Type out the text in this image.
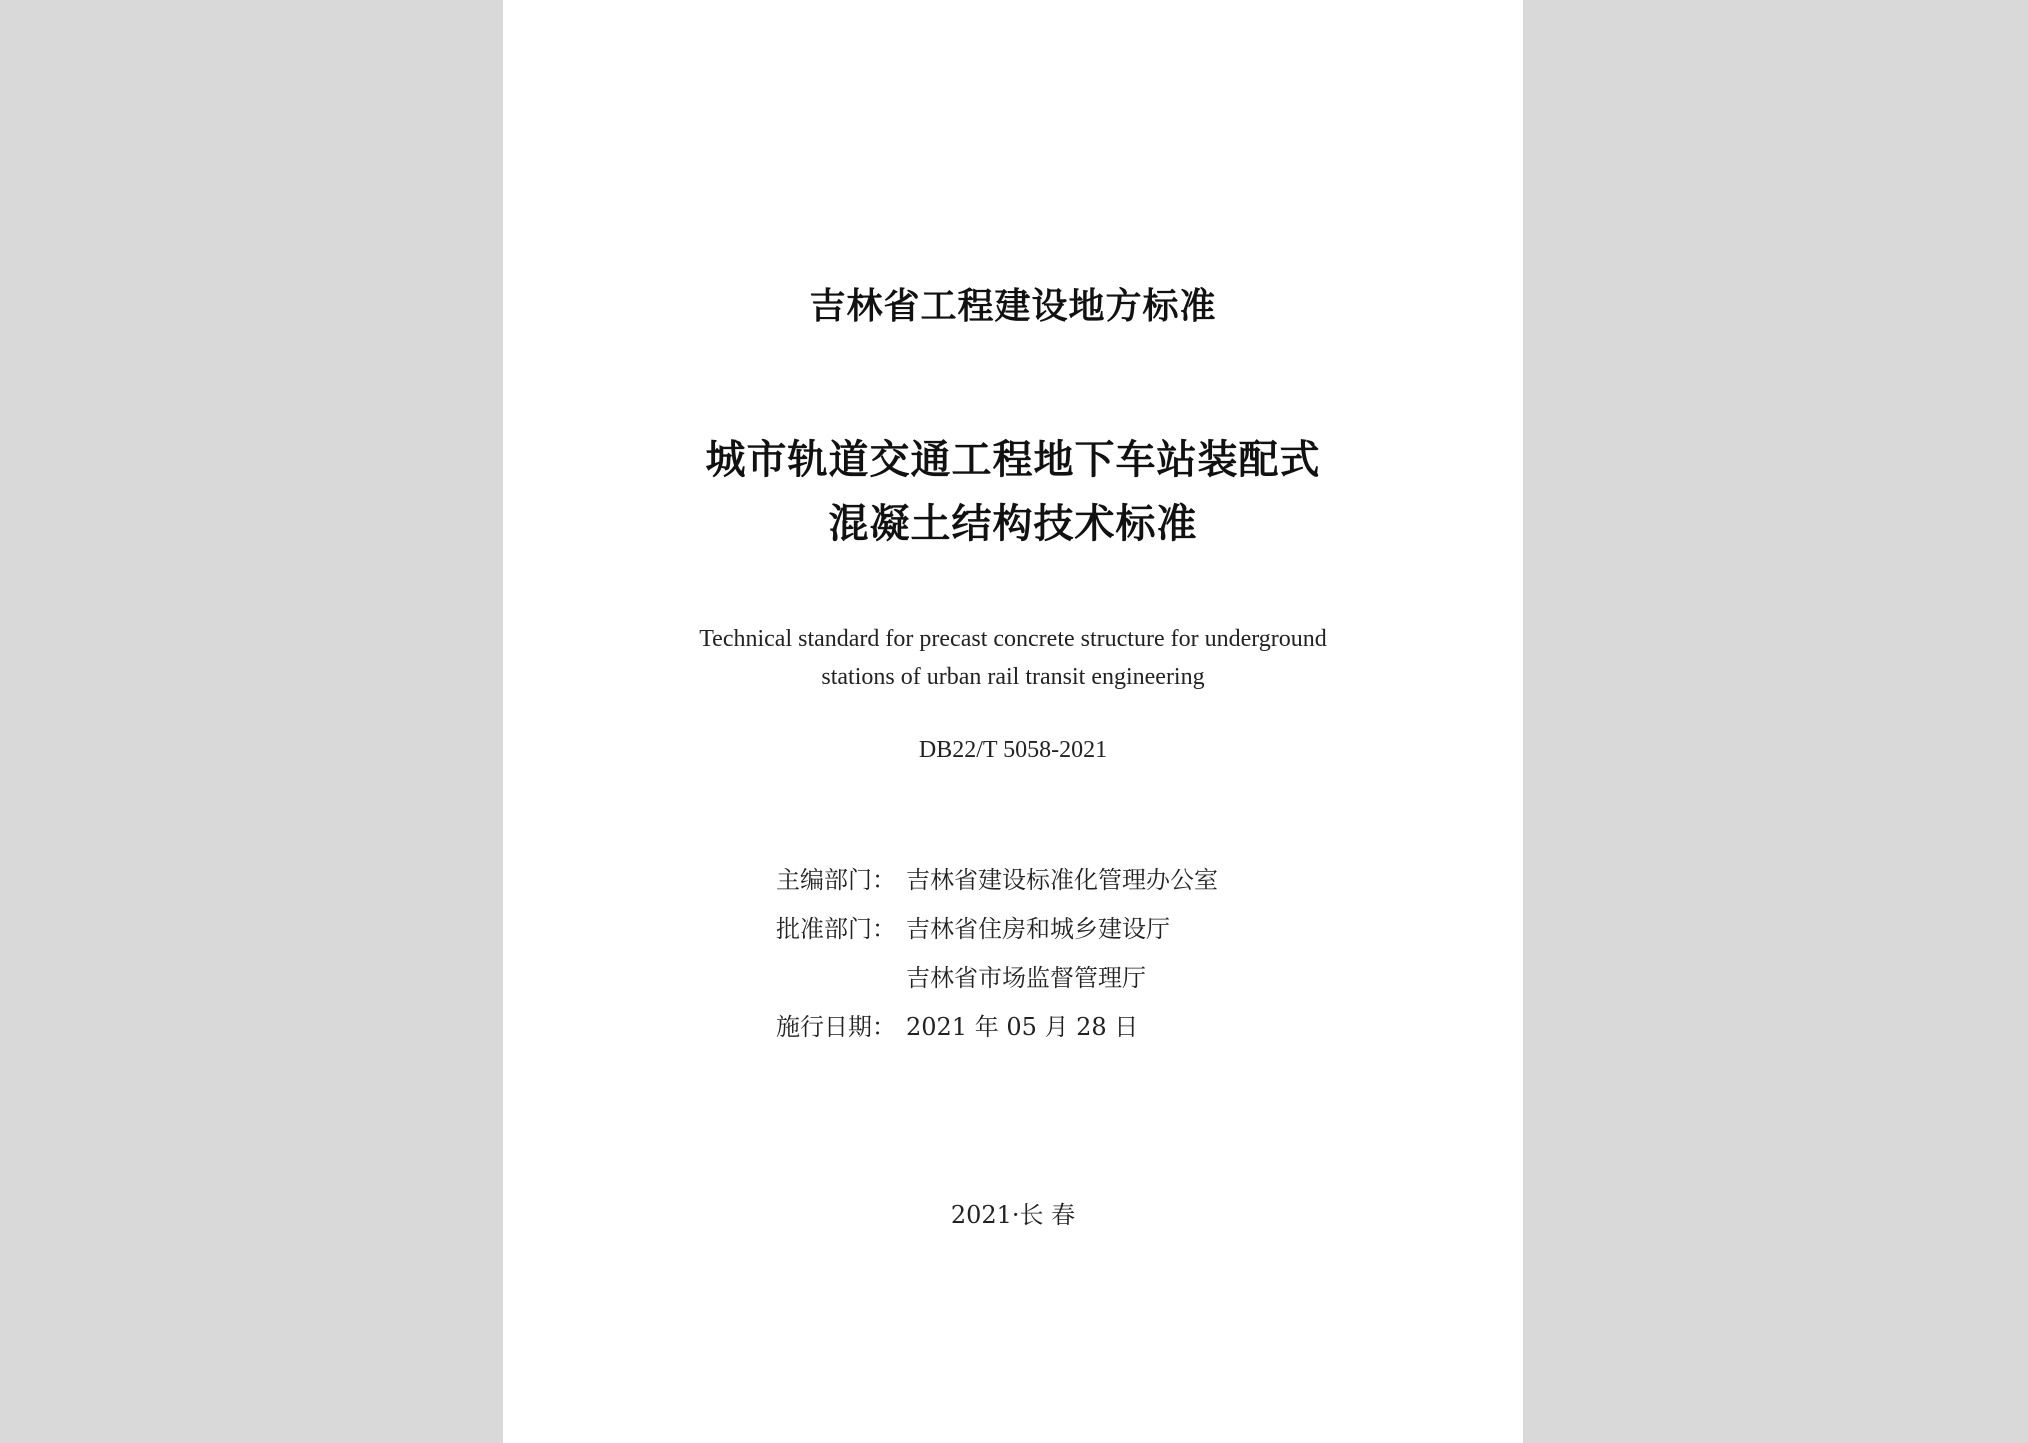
吉林省工程建设地方标准
城市轨道交通工程地下车站装配式
混凝土结构技术标准
Technical standard for precast concrete structure for underground
stations of urban rail transit engineering
DB22/T 5058-2021
主编部门： 吉林省建设标准化管理办公室
批准部门： 吉林省住房和城乡建设厅
吉林省市场监督管理厅
施行日期： 2021 年 05 月 28 日
2021·长 春
